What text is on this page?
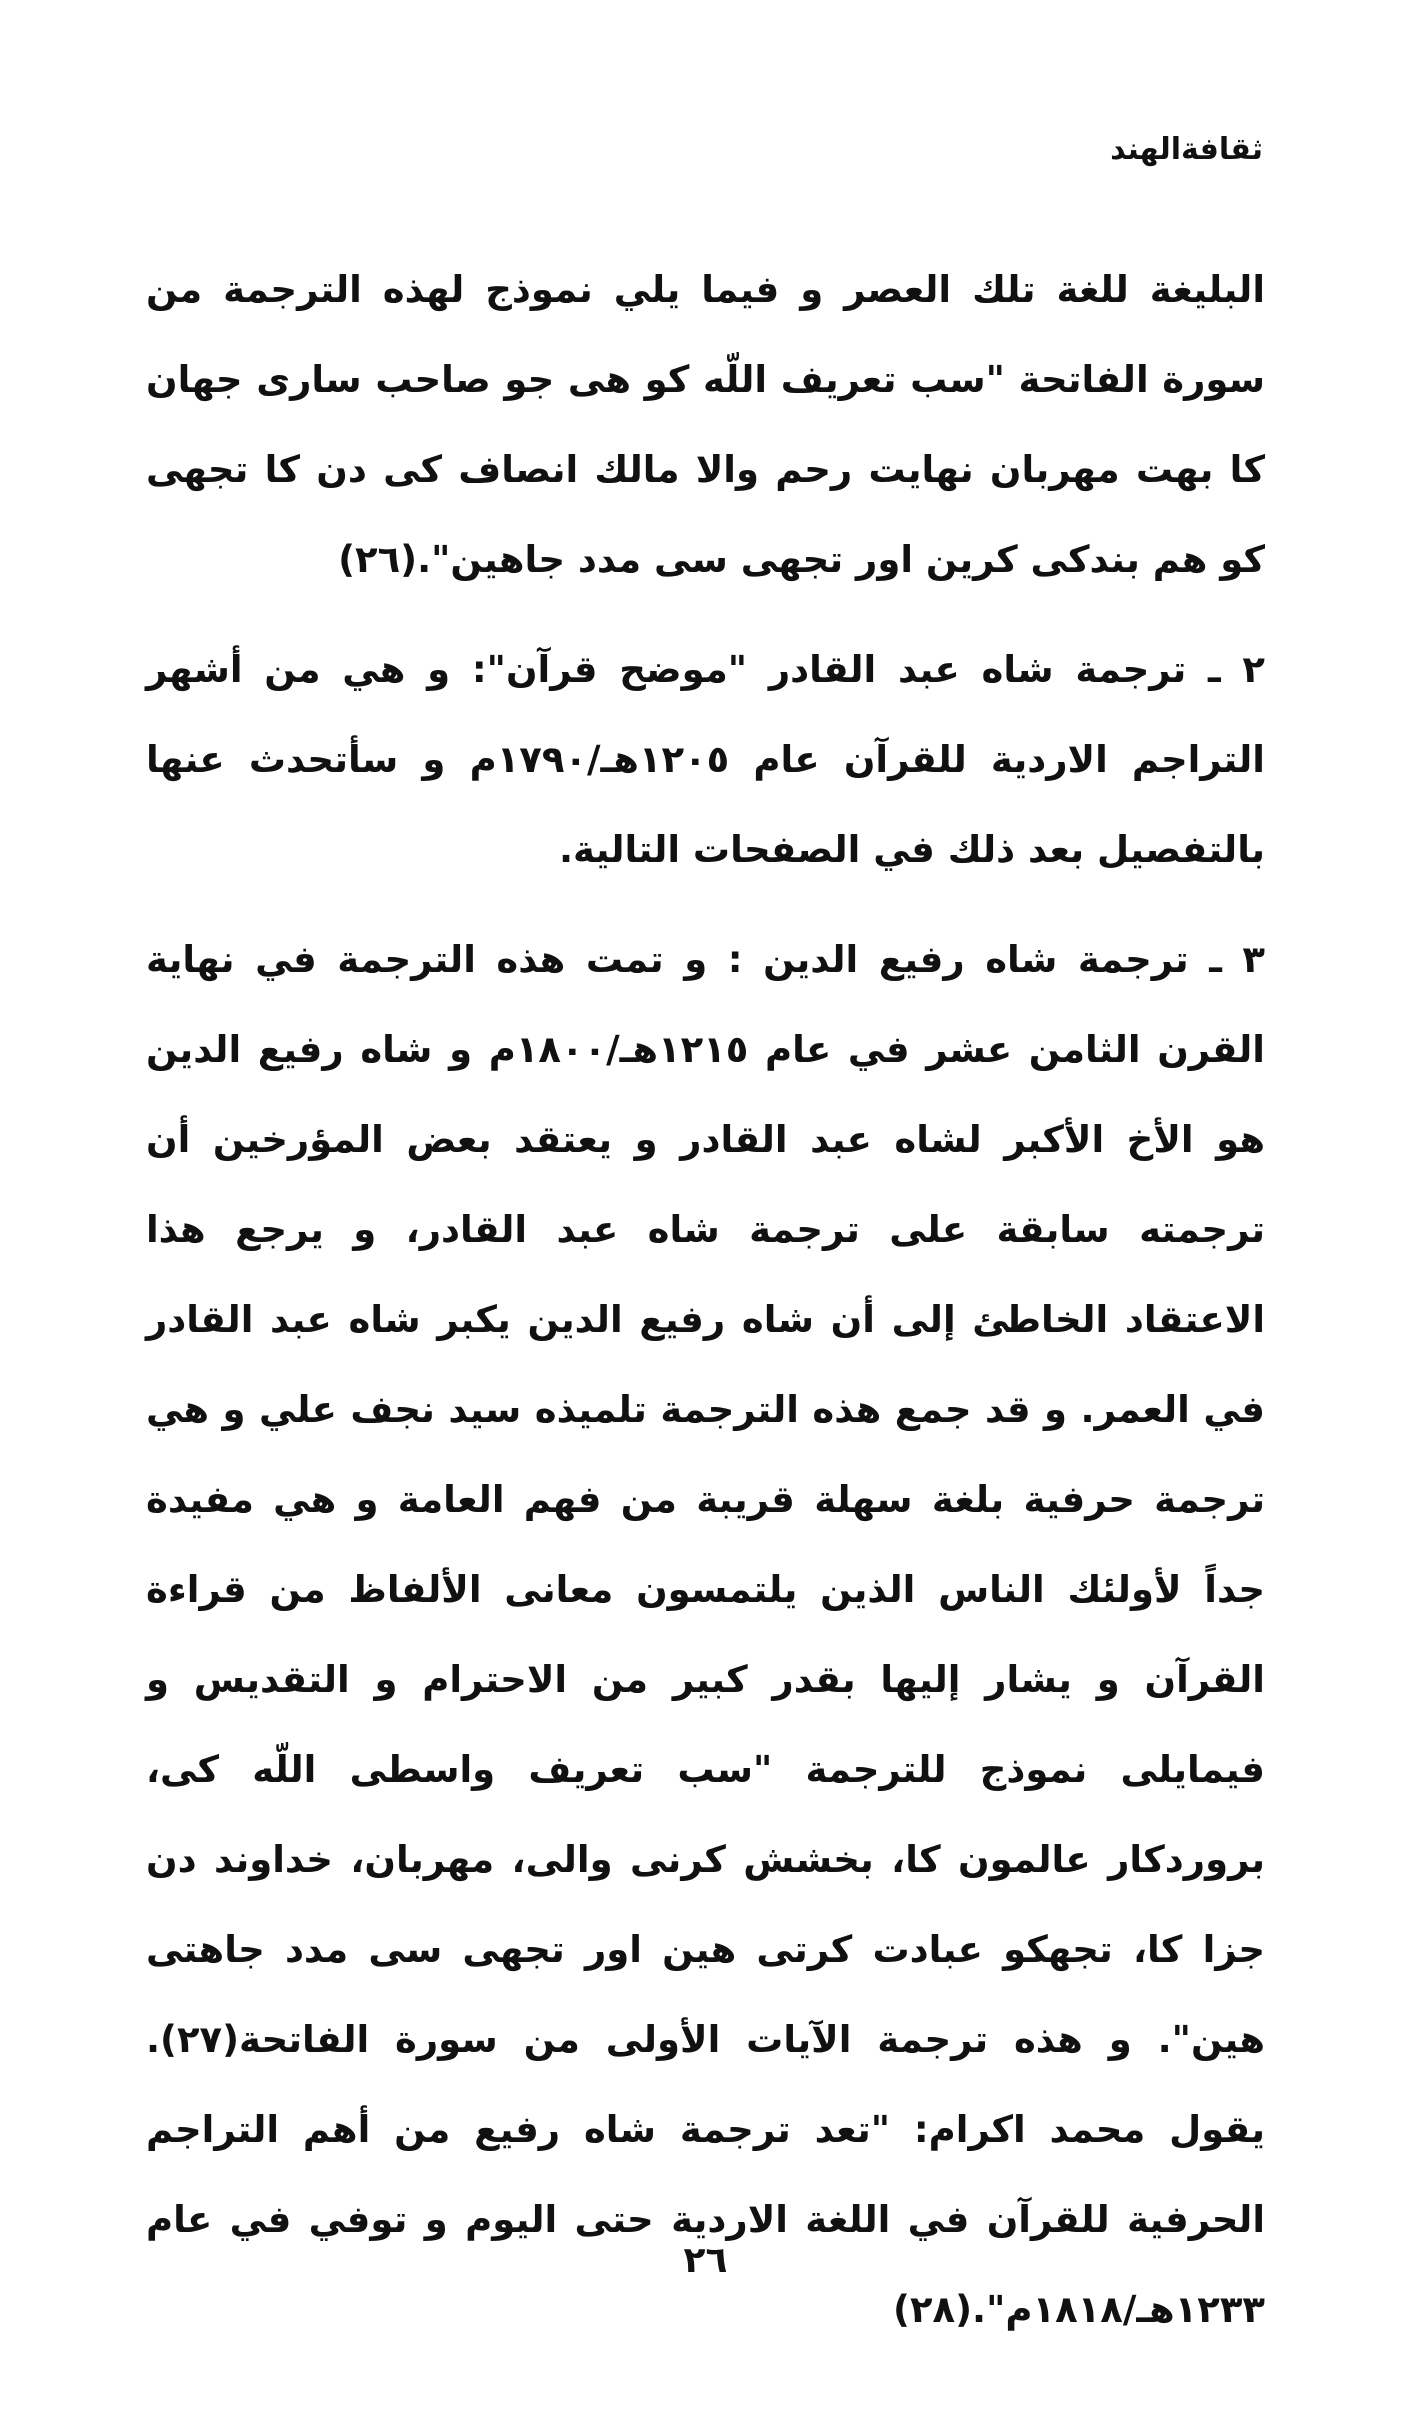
ثقافةالهند

البليغة للغة تلك العصر و فيما يلي نموذج لهذه الترجمة من سورة الفاتحة "سب تعريف اللّه كو هى جو صاحب سارى جهان كا بهت مهربان نهايت رحم والا مالك انصاف كى دن كا تجهى كو هم بندكى كرين اور تجهى سى مدد جاهين".(٢٦)

٢ ـ ترجمة شاه عبد القادر "موضح قرآن": و هي من أشهر التراجم الاردية للقرآن عام ١٢٠٥هـ/١٧٩٠م و سأتحدث عنها بالتفصيل بعد ذلك في الصفحات التالية.

٣ ـ ترجمة شاه رفيع الدين : و تمت هذه الترجمة في نهاية القرن الثامن عشر في عام ١٢١٥هـ/١٨٠٠م و شاه رفيع الدين هو الأخ الأكبر لشاه عبد القادر و يعتقد بعض المؤرخين أن ترجمته سابقة على ترجمة شاه عبد القادر، و يرجع هذا الاعتقاد الخاطئ إلى أن شاه رفيع الدين يكبر شاه عبد القادر في العمر. و قد جمع هذه الترجمة تلميذه سيد نجف علي و هي ترجمة حرفية بلغة سهلة قريبة من فهم العامة و هي مفيدة جداً لأولئك الناس الذين يلتمسون معانى الألفاظ من قراءة القرآن و يشار إليها بقدر كبير من الاحترام و التقديس و فيمايلى نموذج للترجمة "سب تعريف واسطى اللّه كى، بروردكار عالمون كا، بخشش كرنى والى، مهربان، خداوند دن جزا كا، تجهكو عبادت كرتى هين اور تجهى سى مدد جاهتى هين". و هذه ترجمة الآيات الأولى من سورة الفاتحة(٢٧). يقول محمد اكرام: "تعد ترجمة شاه رفيع من أهم التراجم الحرفية للقرآن في اللغة الاردية حتى اليوم و توفي في عام ١٢٣٣هـ/١٨١٨م".(٢٨)

٢٦
